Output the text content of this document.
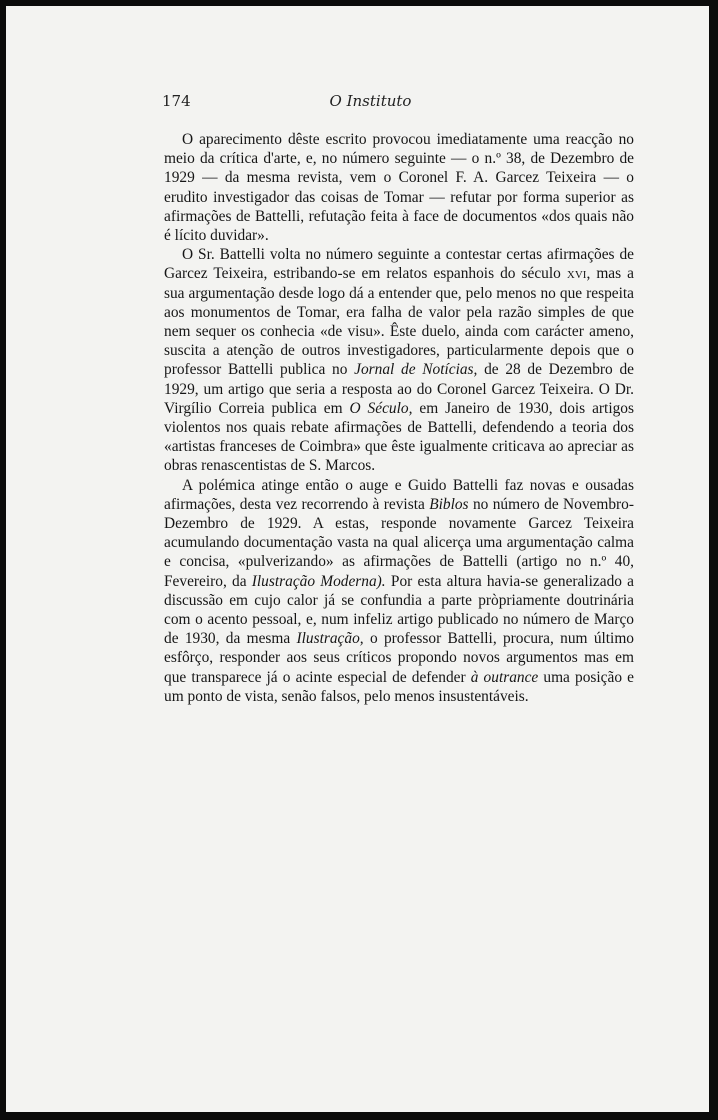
174	O Instituto

O aparecimento dêste escrito provocou imediatamente uma reacção no meio da crítica d'arte, e, no número seguinte — o n.º 38, de Dezembro de 1929 — da mesma revista, vem o Coronel F. A. Garcez Teixeira — o erudito investigador das coisas de Tomar — refutar por forma superior as afirmações de Battelli, refutação feita à face de documentos «dos quais não é lícito duvidar».

O Sr. Battelli volta no número seguinte a contestar certas afirmações de Garcez Teixeira, estribando-se em relatos espanhois do século xvi, mas a sua argumentação desde logo dá a entender que, pelo menos no que respeita aos monumentos de Tomar, era falha de valor pela razão simples de que nem sequer os conhecia «de visu». Êste duelo, ainda com carácter ameno, suscita a atenção de outros investigadores, particularmente depois que o professor Battelli publica no Jornal de Notícias, de 28 de Dezembro de 1929, um artigo que seria a resposta ao do Coronel Garcez Teixeira. O Dr. Virgílio Correia publica em O Século, em Janeiro de 1930, dois artigos violentos nos quais rebate afirmações de Battelli, defendendo a teoria dos «artistas franceses de Coimbra» que êste igualmente criticava ao apreciar as obras renascentistas de S. Marcos.

A polémica atinge então o auge e Guido Battelli faz novas e ousadas afirmações, desta vez recorrendo à revista Biblos no número de Novembro-Dezembro de 1929. A estas, responde novamente Garcez Teixeira acumulando documentação vasta na qual alicerça uma argumentação calma e concisa, «pulverizando» as afirmações de Battelli (artigo no n.º 40, Fevereiro, da Ilustração Moderna). Por esta altura havia-se generalizado a discussão em cujo calor já se confundia a parte pròpriamente doutrinária com o acento pessoal, e, num infeliz artigo publicado no número de Março de 1930, da mesma Ilustração, o professor Battelli, procura, num último esfôrço, responder aos seus críticos propondo novos argumentos mas em que transparece já o acinte especial de defender à outrance uma posição e um ponto de vista, senão falsos, pelo menos insustentáveis.
